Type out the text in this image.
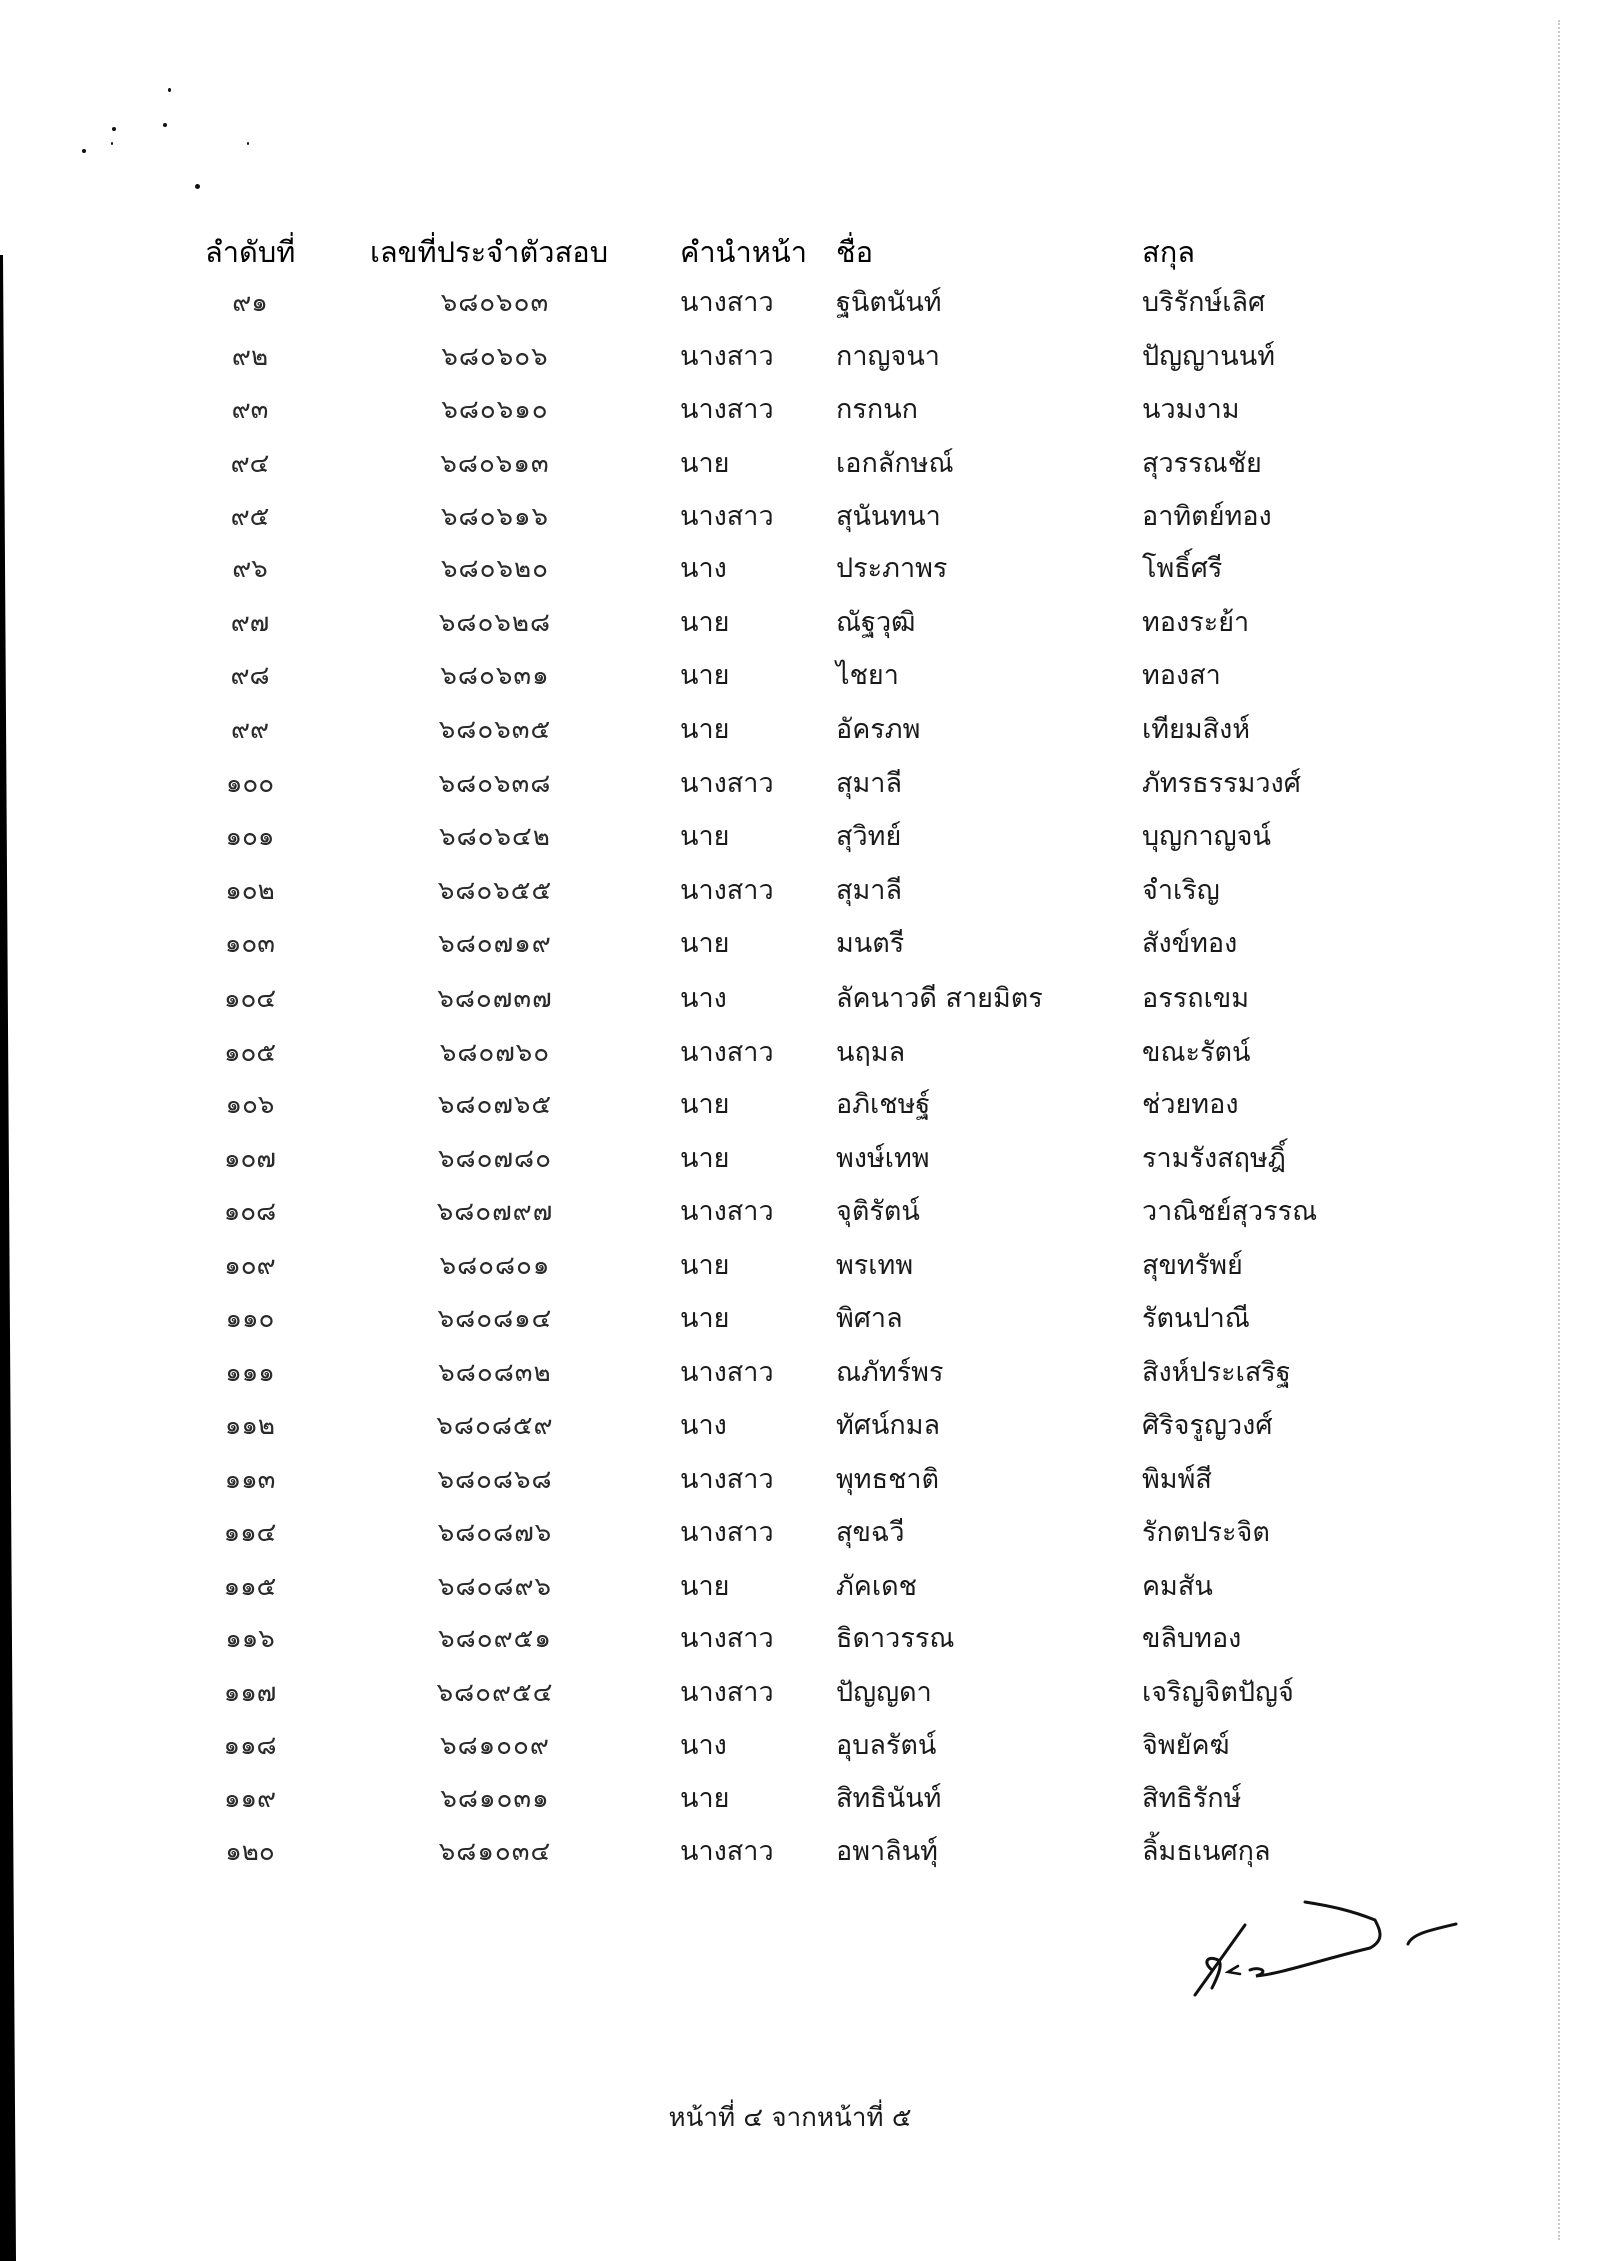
ลำดับที่	เลขที่ประจำตัวสอบ คำนำหน้า ชื่อ	สกุล
๙๑	๖๘๐๖๐๓	นางสาว ฐนิตนันท์	บริรักษ์เลิศ
๙๒	๖๘๐๖๐๖	นางสาว กาญจนา	ปัญญานนท์
๙๓	๖๘๐๖๑๐	นางสาว กรกนก	นวมงาม
๙๔	๖๘๐๖๑๓	นาย	เอกลักษณ์	สุวรรณชัย
๙๕	๖๘๐๖๑๖	นางสาว สุนันทนา	อาทิตย์ทอง
๙๖	๖๘๐๖๒๐	นาง	ประภาพร	โพธิ์ศรี
๙๗	๖๘๐๖๒๘	นาย	ณัฐวุฒิ	ทองระย้า
๙๘	๖๘๐๖๓๑	นาย	ไชยา	ทองสา
๙๙	๖๘๐๖๓๕	นาย	อัครภพ	เทียมสิงห์
๑๐๐	๖๘๐๖๓๘	นางสาว สุมาลี	ภัทรธรรมวงศ์
๑๐๑	๖๘๐๖๔๒	นาย	สุวิทย์	บุญกาญจน์
๑๐๒	๖๘๐๖๕๕	นางสาว สุมาลี	จำเริญ
๑๐๓	๖๘๐๗๑๙	นาย	มนตรี	สังข์ทอง
๑๐๔	๖๘๐๗๓๗	นาง	ลัคนาวดี สายมิตร	อรรถเขม
๑๐๕	๖๘๐๗๖๐	นางสาว นฤมล	ขณะรัตน์
๑๐๖	๖๘๐๗๖๕	นาย	อภิเชษฐ์	ช่วยทอง
๑๐๗	๖๘๐๗๘๐	นาย	พงษ์เทพ	รามรังสฤษฎิ์
๑๐๘	๖๘๐๗๙๗	นางสาว จุติรัตน์	วาณิชย์สุวรรณ
๑๐๙	๖๘๐๘๐๑	นาย	พรเทพ	สุขทรัพย์
๑๑๐	๖๘๐๘๑๔	นาย	พิศาล	รัตนปาณี
๑๑๑	๖๘๐๘๓๒	นางสาว ณภัทร์พร	สิงห์ประเสริฐ
๑๑๒	๖๘๐๘๕๙	นาง	ทัศน์กมล	ศิริจรูญวงศ์
๑๑๓	๖๘๐๘๖๘	นางสาว พุทธชาติ	พิมพ์สี
๑๑๔	๖๘๐๘๗๖	นางสาว สุขฉวี	รักตประจิต
๑๑๕	๖๘๐๘๙๖	นาย	ภัคเดช	คมสัน
๑๑๖	๖๘๐๙๕๑	นางสาว ธิดาวรรณ	ขลิบทอง
๑๑๗	๖๘๐๙๕๔	นางสาว ปัญญดา	เจริญจิตปัญจ์
๑๑๘	๖๘๑๐๐๙	นาง	อุบลรัตน์	จิพยัคฆ์
๑๑๙	๖๘๑๐๓๑	นาย	สิทธินันท์	สิทธิรักษ์
๑๒๐	๖๘๑๐๓๔	นางสาว อพาลินทุ์	ลิ้มธเนศกุล
หน้าที่ ๔ จากหน้าที่ ๕
